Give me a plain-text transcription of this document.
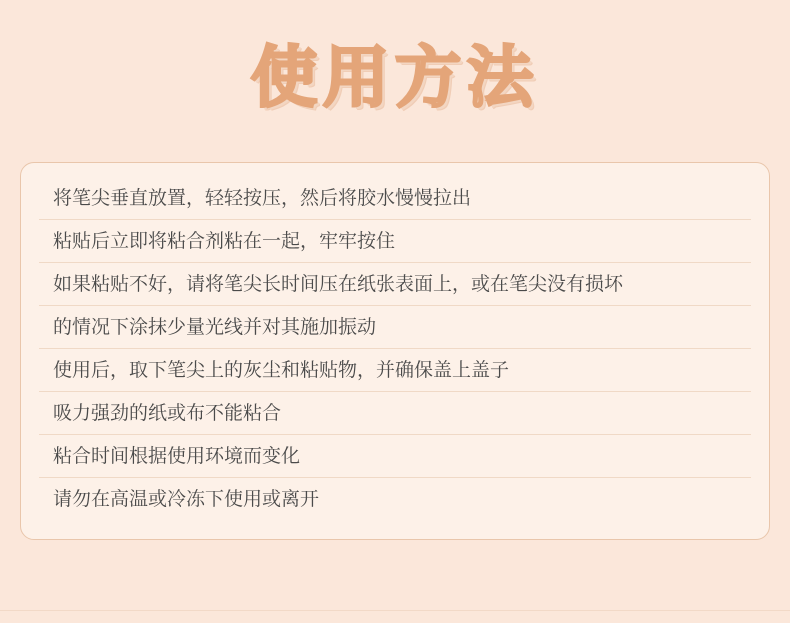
使用方法
将笔尖垂直放置，轻轻按压，然后将胶水慢慢拉出
粘贴后立即将粘合剂粘在一起，牢牢按住
如果粘贴不好，请将笔尖长时间压在纸张表面上，或在笔尖没有损坏
的情况下涂抹少量光线并对其施加振动
使用后，取下笔尖上的灰尘和粘贴物，并确保盖上盖子
吸力强劲的纸或布不能粘合
粘合时间根据使用环境而变化
请勿在高温或冷冻下使用或离开
